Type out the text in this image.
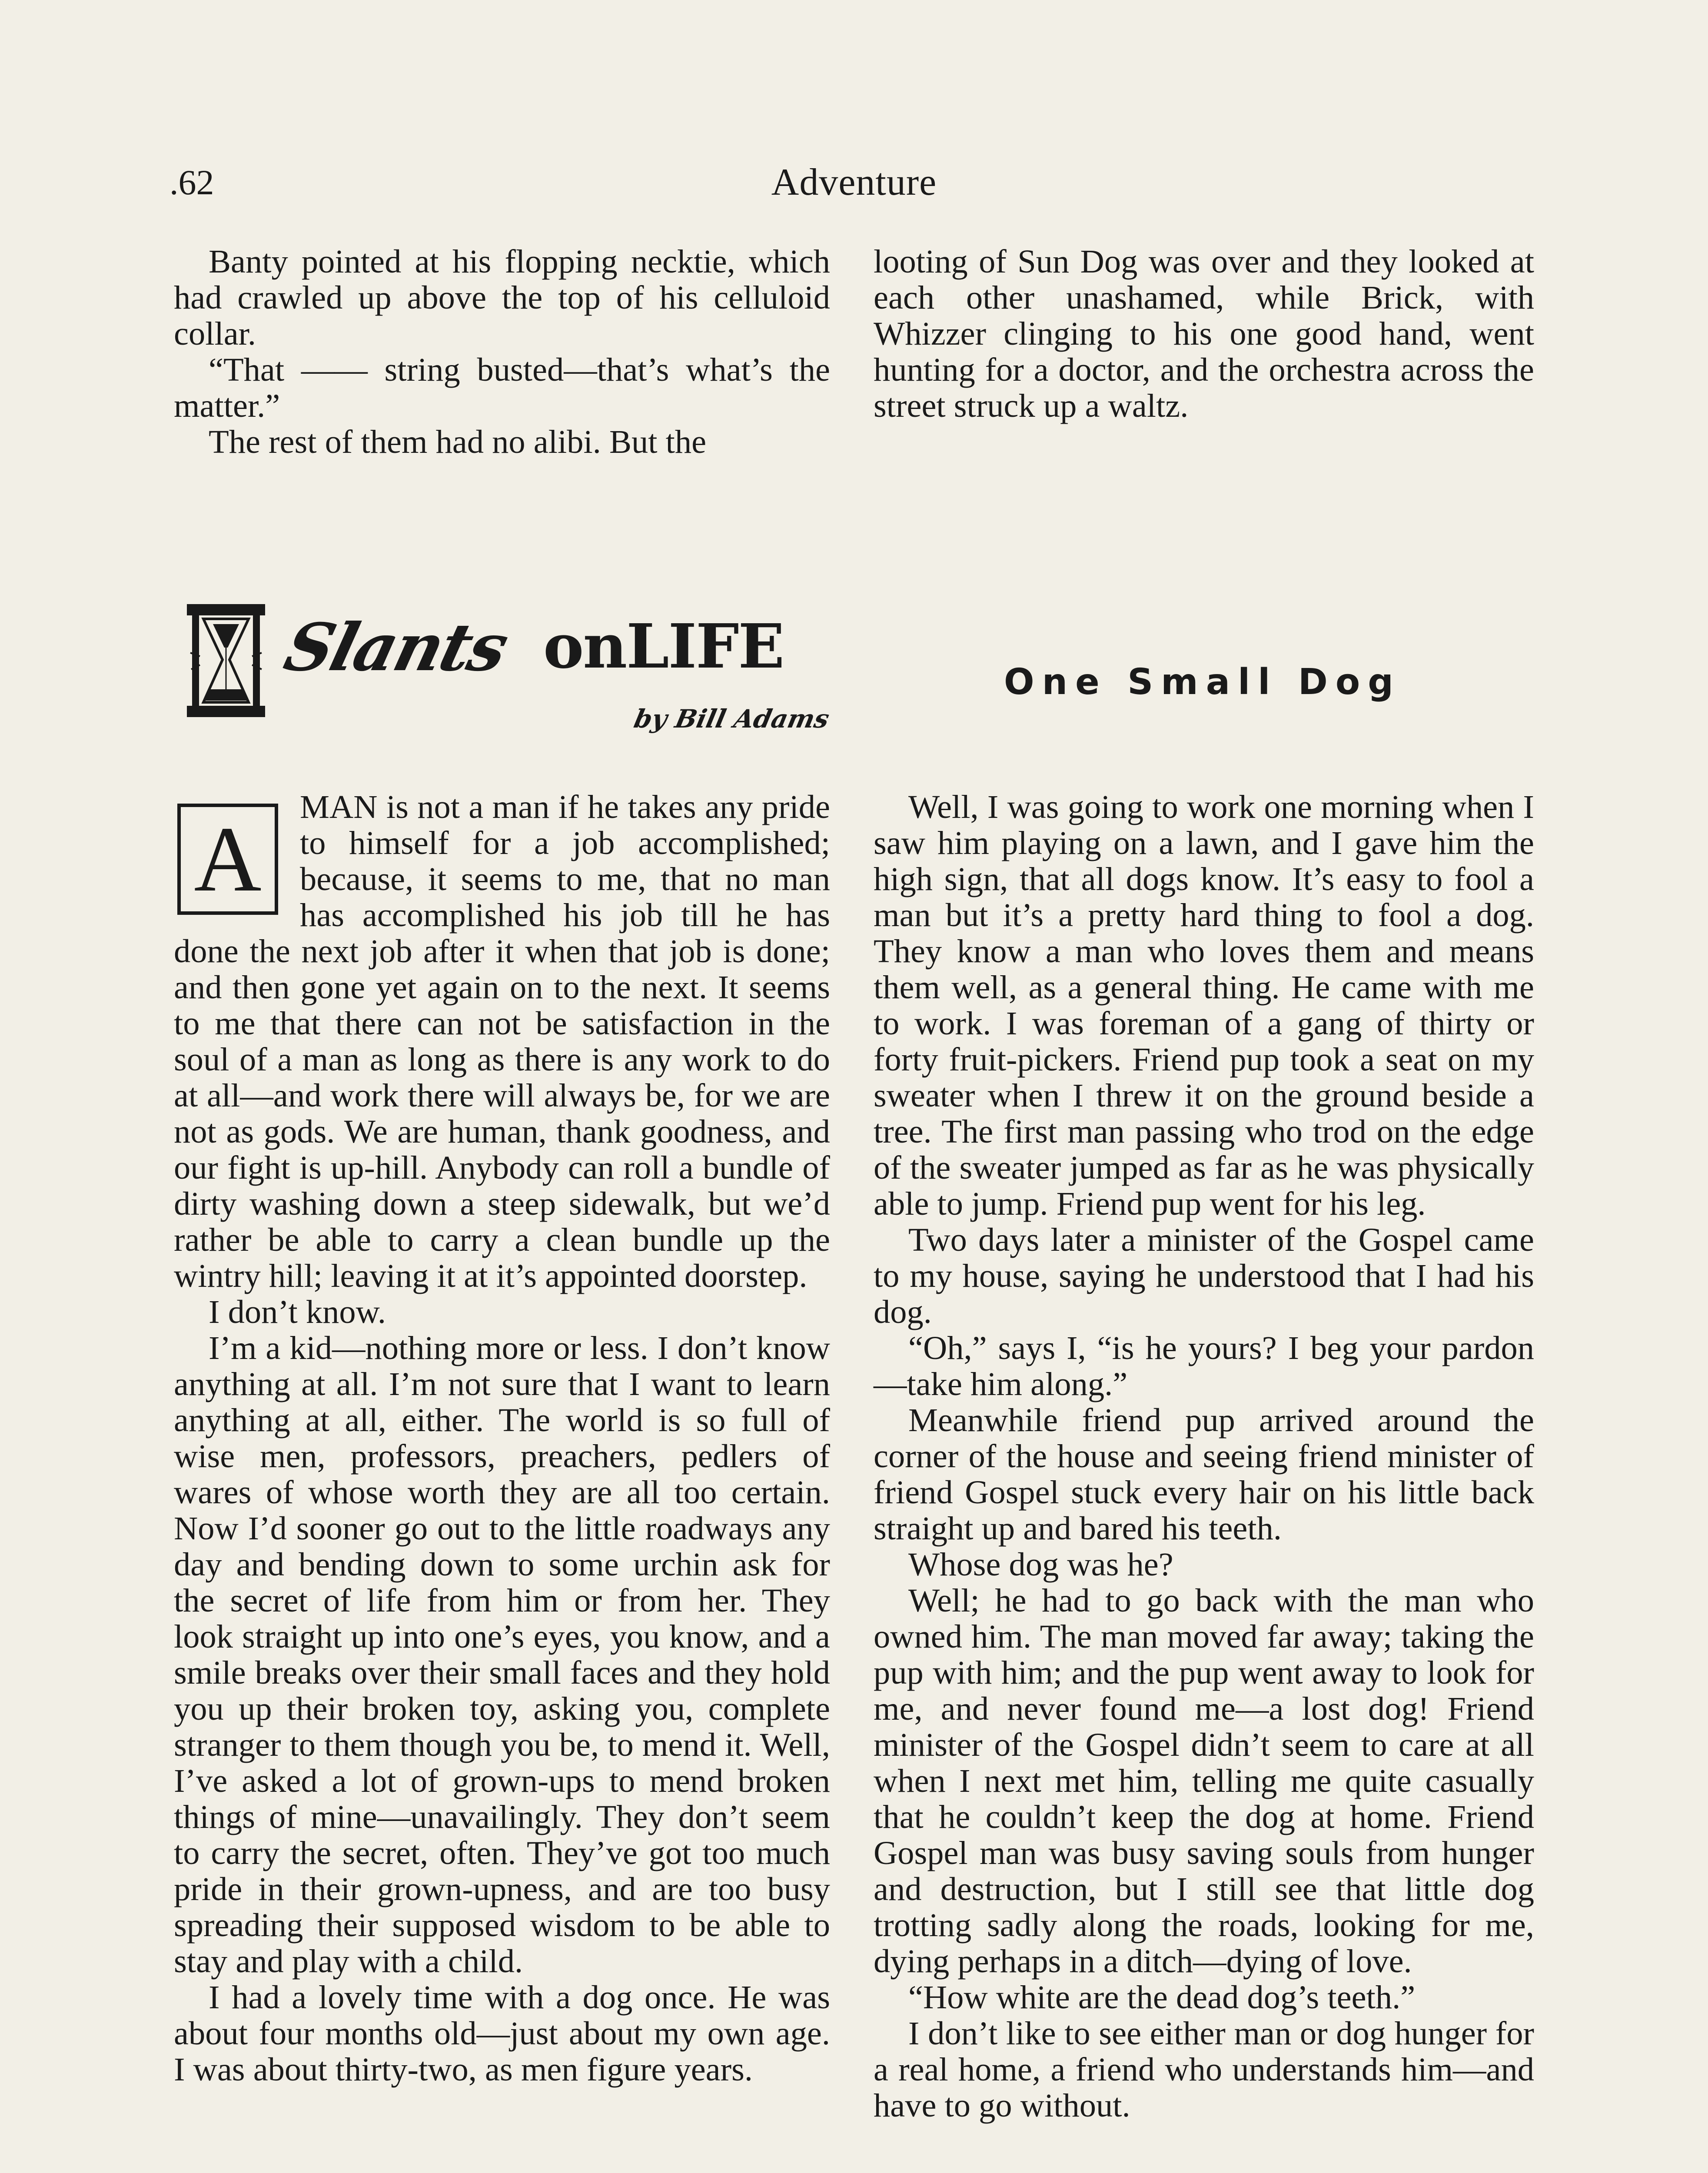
.62	Adventure

Banty pointed at his flopping necktie, which had crawled up above the top of his celluloid collar.

“That —— string busted—that’s what’s the matter.”

The rest of them had no alibi. But the

looting of Sun Dog was over and they looked at each other unashamed, while Brick, with Whizzer clinging to his one good hand, went hunting for a doctor, and the orchestra across the street struck up a waltz.

Slants onLIFE
by Bill Adams
One Small Dog
A

MAN is not a man if he takes any pride to himself for a job accomplished; because, it seems to me, that no man has accomplished his job till he has done the next job after it when that job is done; and then gone yet again on to the next. It seems to me that there can not be satisfaction in the soul of a man as long as there is any work to do at all—and work there will always be, for we are not as gods. We are human, thank goodness, and our fight is up-hill. Anybody can roll a bundle of dirty washing down a steep sidewalk, but we’d rather be able to carry a clean bundle up the wintry hill; leaving it at it’s appointed doorstep.

I don’t know.

I’m a kid—nothing more or less. I don’t know anything at all. I’m not sure that I want to learn anything at all, either. The world is so full of wise men, professors, preachers, pedlers of wares of whose worth they are all too certain. Now I’d sooner go out to the little roadways any day and bending down to some urchin ask for the secret of life from him or from her. They look straight up into one’s eyes, you know, and a smile breaks over their small faces and they hold you up their broken toy, asking you, complete stranger to them though you be, to mend it. Well, I’ve asked a lot of grown-ups to mend broken things of mine—unavailingly. They don’t seem to carry the secret, often. They’ve got too much pride in their grown-upness, and are too busy spreading their supposed wisdom to be able to stay and play with a child.

I had a lovely time with a dog once. He was about four months old—just about my own age. I was about thirty-two, as men figure years.

Well, I was going to work one morning when I saw him playing on a lawn, and I gave him the high sign, that all dogs know. It’s easy to fool a man but it’s a pretty hard thing to fool a dog. They know a man who loves them and means them well, as a general thing. He came with me to work. I was foreman of a gang of thirty or forty fruit-pickers. Friend pup took a seat on my sweater when I threw it on the ground beside a tree. The first man passing who trod on the edge of the sweater jumped as far as he was physically able to jump. Friend pup went for his leg.

Two days later a minister of the Gospel came to my house, saying he understood that I had his dog.

“Oh,” says I, “is he yours? I beg your pardon—take him along.”

Meanwhile friend pup arrived around the corner of the house and seeing friend minister of friend Gospel stuck every hair on his little back straight up and bared his teeth.

Whose dog was he?

Well; he had to go back with the man who owned him. The man moved far away; taking the pup with him; and the pup went away to look for me, and never found me—a lost dog! Friend minister of the Gospel didn’t seem to care at all when I next met him, telling me quite casually that he couldn’t keep the dog at home. Friend Gospel man was busy saving souls from hunger and destruction, but I still see that little dog trotting sadly along the roads, looking for me, dying perhaps in a ditch—dying of love.

“How white are the dead dog’s teeth.”

I don’t like to see either man or dog hunger for a real home, a friend who understands him—and have to go without.
